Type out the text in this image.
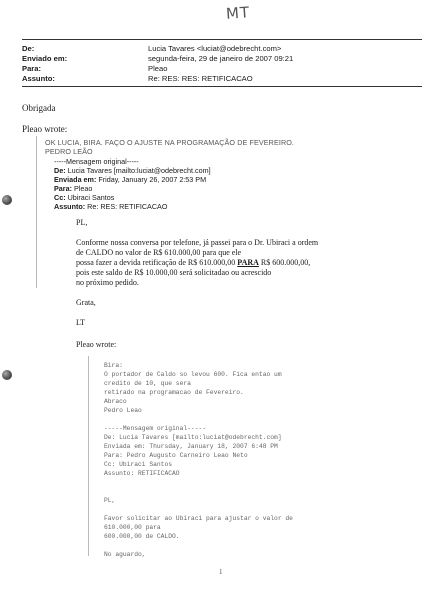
MT
De:	Lucia Tavares <luciat@odebrecht.com>
Enviado em:	segunda-feira, 29 de janeiro de 2007 09:21
Para:	Pleao
Assunto:	Re: RES: RES: RETIFICACAO
Obrigada
Pleao wrote:
OK LUCIA, BIRA. FAÇO O AJUSTE NA PROGRAMAÇÃO DE FEVEREIRO.
PEDRO LEÃO
-----Mensagem original-----
De: Lucia Tavares [mailto:luciat@odebrecht.com]
Enviada em: Friday, January 26, 2007 2:53 PM
Para: Pleao
Cc: Ubiraci Santos
Assunto: Re: RES: RETIFICACAO
PL,
Conforme nossa conversa por telefone, já passei para o Dr. Ubiraci a ordem
de CALDO no valor de R$ 610.000,00 para que ele
possa fazer a devida retificação de R$ 610.000,00 PARA R$ 600.000,00,
pois este saldo de R$ 10.000,00 será solicitadao ou acrescido
no próximo pedido.
Grata,
LT
Pleao wrote:
Bira:
O portador de Caldo so levou 600. Fica entao um
credito de 10, que sera
retirado na programacao de Fevereiro.
Abraco
Pedro Leao
-----Mensagem original-----
De: Lucia Tavares [mailto:luciat@odebrecht.com]
Enviada em: Thursday, January 18, 2007 6:48 PM
Para: Pedro Augusto Carneiro Leao Neto
Cc: Ubiraci Santos
Assunto: RETIFICACAO
PL,
Favor solicitar ao Ubiraci para ajustar o valor de
610.000,00 para
600.000,00 de CALDO.
No aguardo,
1
